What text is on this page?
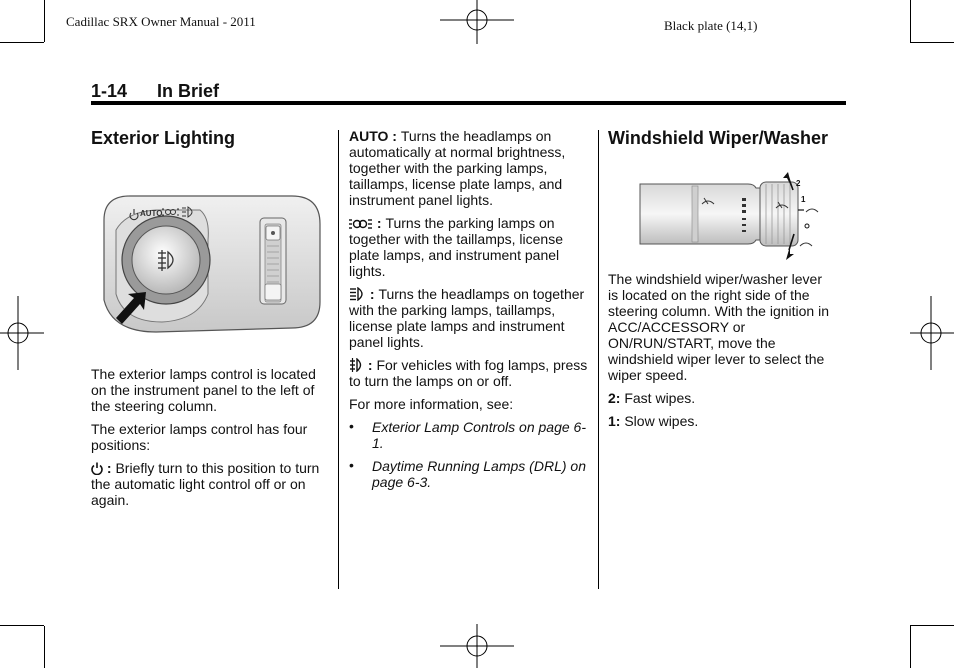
Cadillac SRX Owner Manual - 2011	Black plate (14,1)
1-14 In Brief
Exterior Lighting
AUTO

The exterior lamps control is located on the instrument panel to the left of the steering column.

The exterior lamps control has four positions:

: Briefly turn to this position to turn the automatic light control off or on again.

AUTO : Turns the headlamps on automatically at normal brightness, together with the parking lamps, taillamps, license plate lamps, and instrument panel lights.

: Turns the parking lamps on together with the taillamps, license plate lamps, and instrument panel lights.

: Turns the headlamps on together with the parking lamps, taillamps, license plate lamps and instrument panel lights.

: For vehicles with fog lamps, press to turn the lamps on or off.

For more information, see:

• Exterior Lamp Controls on page 6-1.
• Daytime Running Lamps (DRL) on page 6-3.
Windshield Wiper/Washer
2
1

The windshield wiper/washer lever is located on the right side of the steering column. With the ignition in ACC/ACCESSORY or ON/RUN/START, move the windshield wiper lever to select the wiper speed.

2: Fast wipes.

1: Slow wipes.
